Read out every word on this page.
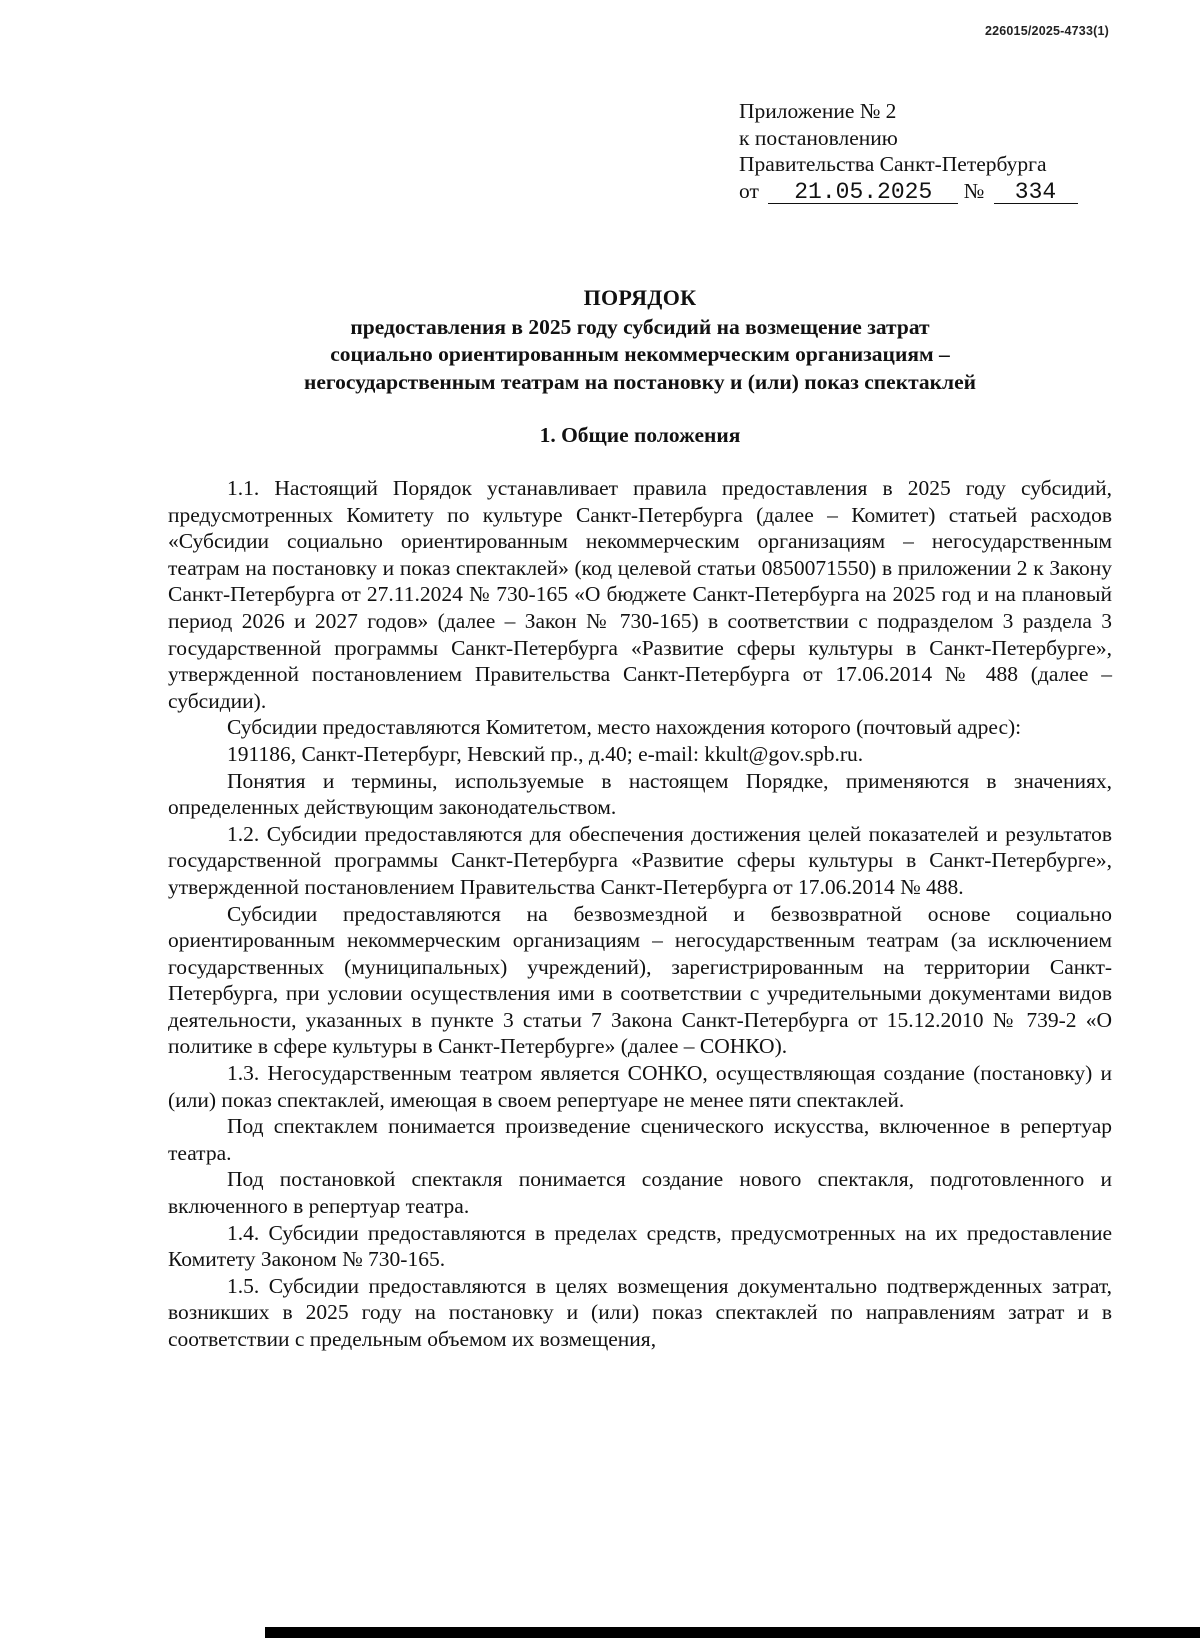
226015/2025-4733(1)
Приложение № 2
к постановлению
Правительства Санкт-Петербурга
от 21.05.2025 № 334
ПОРЯДОК
предоставления в 2025 году субсидий на возмещение затрат
социально ориентированным некоммерческим организациям –
негосударственным театрам на постановку и (или) показ спектаклей
1. Общие положения

1.1. Настоящий Порядок устанавливает правила предоставления в 2025 году субсидий, предусмотренных Комитету по культуре Санкт-Петербурга (далее – Комитет) статьей расходов «Субсидии социально ориентированным некоммерческим организациям – негосударственным театрам на постановку и показ спектаклей» (код целевой статьи 0850071550) в приложении 2 к Закону Санкт-Петербурга от 27.11.2024 № 730-165 «О бюджете Санкт-Петербурга на 2025 год и на плановый период 2026 и 2027 годов» (далее – Закон № 730-165) в соответствии с подразделом 3 раздела 3 государственной программы Санкт-Петербурга «Развитие сферы культуры в Санкт-Петербурге», утвержденной постановлением Правительства Санкт-Петербурга от 17.06.2014 № 488 (далее – субсидии).

Субсидии предоставляются Комитетом, место нахождения которого (почтовый адрес):

191186, Санкт-Петербург, Невский пр., д.40; e-mail: kkult@gov.spb.ru.

Понятия и термины, используемые в настоящем Порядке, применяются в значениях, определенных действующим законодательством.

1.2. Субсидии предоставляются для обеспечения достижения целей показателей и результатов государственной программы Санкт-Петербурга «Развитие сферы культуры в Санкт-Петербурге», утвержденной постановлением Правительства Санкт-Петербурга от 17.06.2014 № 488.

Субсидии предоставляются на безвозмездной и безвозвратной основе социально ориентированным некоммерческим организациям – негосударственным театрам (за исключением государственных (муниципальных) учреждений), зарегистрированным на территории Санкт-Петербурга, при условии осуществления ими в соответствии с учредительными документами видов деятельности, указанных в пункте 3 статьи 7 Закона Санкт-Петербурга от 15.12.2010 № 739-2 «О политике в сфере культуры в Санкт-Петербурге» (далее – СОНКО).

1.3. Негосударственным театром является СОНКО, осуществляющая создание (постановку) и (или) показ спектаклей, имеющая в своем репертуаре не менее пяти спектаклей.

Под спектаклем понимается произведение сценического искусства, включенное в репертуар театра.

Под постановкой спектакля понимается создание нового спектакля, подготовленного и включенного в репертуар театра.

1.4. Субсидии предоставляются в пределах средств, предусмотренных на их предоставление Комитету Законом № 730-165.

1.5. Субсидии предоставляются в целях возмещения документально подтвержденных затрат, возникших в 2025 году на постановку и (или) показ спектаклей по направлениям затрат и в соответствии с предельным объемом их возмещения,
